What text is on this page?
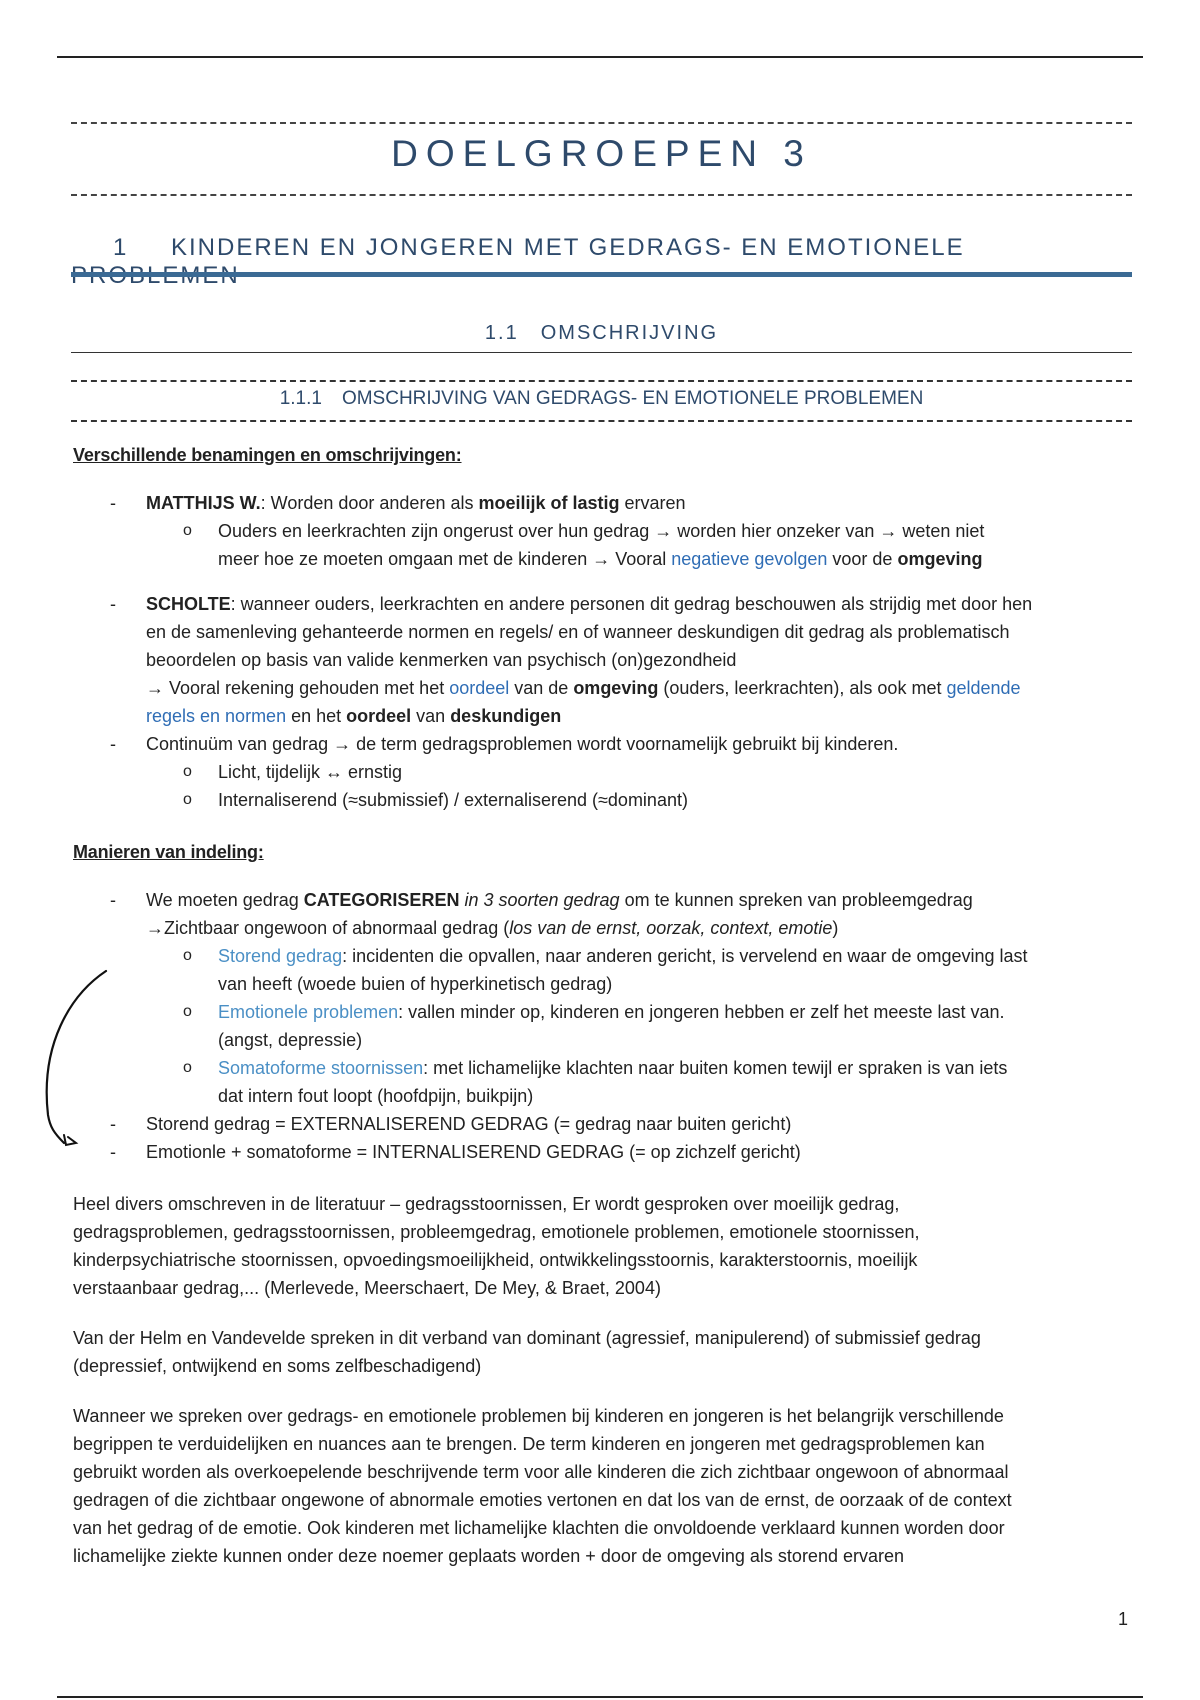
DOELGROEPEN 3
1 KINDEREN EN JONGEREN MET GEDRAGS- EN EMOTIONELE
1.1 OMSCHRIJVING
1.1.1 OMSCHRIJVING VAN GEDRAGS- EN EMOTIONELE PROBLEMEN

Verschillende benamingen en omschrijvingen:

- MATTHIJS W.: Worden door anderen als moeilijk of lastig ervaren

o Ouders en leerkrachten zijn ongerust over hun gedrag → worden hier onzeker van → weten niet
meer hoe ze moeten omgaan met de kinderen → Vooral negatieve gevolgen voor de omgeving

- SCHOLTE: wanneer ouders, leerkrachten en andere personen dit gedrag beschouwen als strijdig met door hen
en de samenleving gehanteerde normen en regels/ en of wanneer deskundigen dit gedrag als problematisch
beoordelen op basis van valide kenmerken van psychisch (on)gezondheid
→ Vooral rekening gehouden met het oordeel van de omgeving (ouders, leerkrachten), als ook met geldende
regels en normen en het oordeel van deskundigen

- Continuüm van gedrag → de term gedragsproblemen wordt voornamelijk gebruikt bij kinderen.

o Licht, tijdelijk ↔ ernstig

o Internaliserend (≈submissief) / externaliserend (≈dominant)

Manieren van indeling:

- We moeten gedrag CATEGORISEREN in 3 soorten gedrag om te kunnen spreken van probleemgedrag
→Zichtbaar ongewoon of abnormaal gedrag (los van de ernst, oorzak, context, emotie)

o Storend gedrag: incidenten die opvallen, naar anderen gericht, is vervelend en waar de omgeving last
van heeft (woede buien of hyperkinetisch gedrag)

o Emotionele problemen: vallen minder op, kinderen en jongeren hebben er zelf het meeste last van.
(angst, depressie)

o Somatoforme stoornissen: met lichamelijke klachten naar buiten komen tewijl er spraken is van iets
dat intern fout loopt (hoofdpijn, buikpijn)

- Storend gedrag = EXTERNALISEREND GEDRAG (= gedrag naar buiten gericht)

- Emotionle + somatoforme = INTERNALISEREND GEDRAG (= op zichzelf gericht)

Heel divers omschreven in de literatuur – gedragsstoornissen, Er wordt gesproken over moeilijk gedrag,
gedragsproblemen, gedragsstoornissen, probleemgedrag, emotionele problemen, emotionele stoornissen,
kinderpsychiatrische stoornissen, opvoedingsmoeilijkheid, ontwikkelingsstoornis, karakterstoornis, moeilijk
verstaanbaar gedrag,... (Merlevede, Meerschaert, De Mey, & Braet, 2004)

Van der Helm en Vandevelde spreken in dit verband van dominant (agressief, manipulerend) of submissief gedrag
(depressief, ontwijkend en soms zelfbeschadigend)

Wanneer we spreken over gedrags- en emotionele problemen bij kinderen en jongeren is het belangrijk verschillende
begrippen te verduidelijken en nuances aan te brengen. De term kinderen en jongeren met gedragsproblemen kan
gebruikt worden als overkoepelende beschrijvende term voor alle kinderen die zich zichtbaar ongewoon of abnormaal
gedragen of die zichtbaar ongewone of abnormale emoties vertonen en dat los van de ernst, de oorzaak of de context
van het gedrag of de emotie. Ook kinderen met lichamelijke klachten die onvoldoende verklaard kunnen worden door
lichamelijke ziekte kunnen onder deze noemer geplaats worden + door de omgeving als storend ervaren

1
